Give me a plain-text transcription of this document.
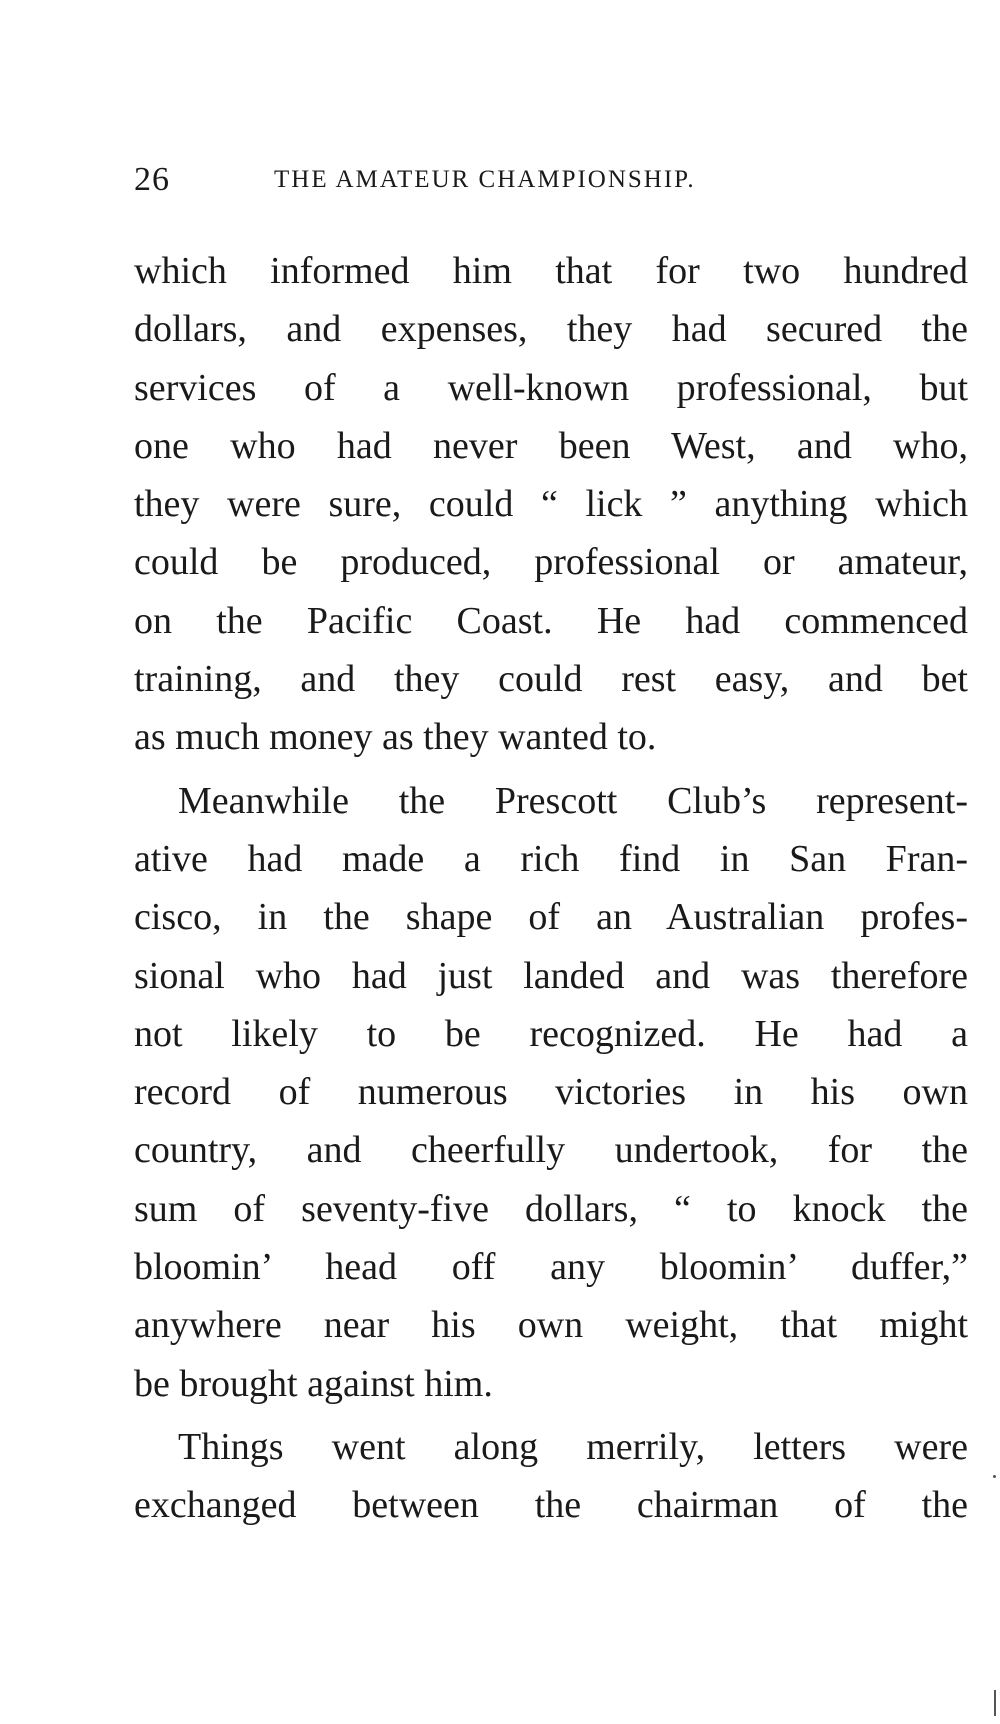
26	THE AMATEUR CHAMPIONSHIP.
which informed him that for two hundred
dollars, and expenses, they had secured the
services of a well-known professional, but
one who had never been West, and who,
they were sure, could “ lick ” anything which
could be produced, professional or amateur,
on the Pacific Coast. He had commenced
training, and they could rest easy, and bet
as much money as they wanted to.
Meanwhile the Prescott Club’s represent-
ative had made a rich find in San Fran-
cisco, in the shape of an Australian profes-
sional who had just landed and was therefore
not likely to be recognized. He had a
record of numerous victories in his own
country, and cheerfully undertook, for the
sum of seventy-five dollars, “ to knock the
bloomin’ head off any bloomin’ duffer,”
anywhere near his own weight, that might
be brought against him.
Things went along merrily, letters were
exchanged between the chairman of the
